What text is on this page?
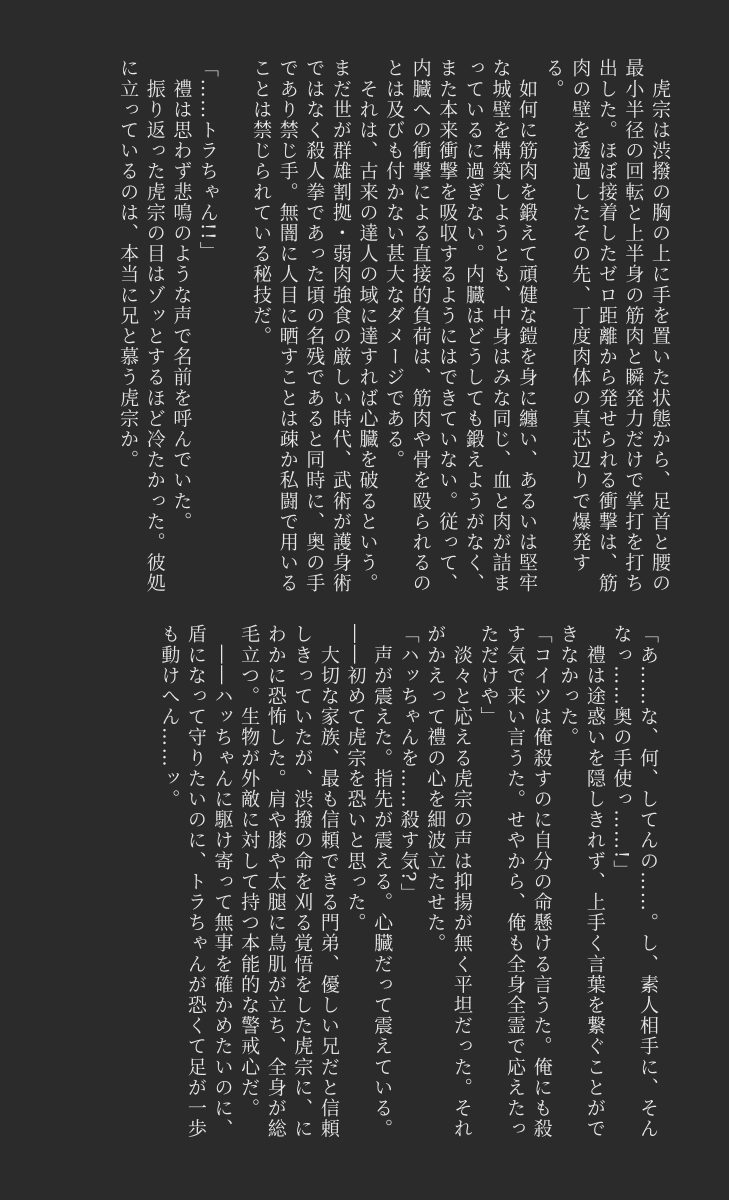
　虎宗は渋撥の胸の上に手を置いた状態から、足首と腰の最小半径の回転と上半身の筋肉と瞬発力だけで掌打を打ち出した。ほぼ接着したゼロ距離から発せられる衝撃は、筋肉の壁を透過したその先、丁度肉体の真芯辺りで爆発する。
　如何に筋肉を鍛えて頑健な鎧を身に纏い、あるいは堅牢な城壁を構築しようとも、中身はみな同じ、血と肉が詰まっているに過ぎない。内臓はどうしても鍛えようがなく、また本来衝撃を吸収するようにはできていない。従って、内臓への衝撃による直接的負荷は、筋肉や骨を殴られるのとは及びも付かない甚大なダメージである。
　それは、古来の達人の域に達すれば心臓を破るという。まだ世が群雄割拠・弱肉強食の厳しい時代、武術が護身術ではなく殺人拳であった頃の名残であると同時に、奥の手であり禁じ手。無闇に人目に晒すことは疎か私闘で用いることは禁じられている秘技だ。

「……トラちゃん!!」
　禮は思わず悲鳴のような声で名前を呼んでいた。
　振り返った虎宗の目はゾッとするほど冷たかった。彼処に立っているのは、本当に兄と慕う虎宗か。
「あ……な、何、してんの……。し、素人相手に、そんなっ……奥の手使っ……!」
　禮は途惑いを隠しきれず、上手く言葉を繋ぐことができなかった。
「コイツは俺殺すのに自分の命懸ける言うた。俺にも殺す気で来い言うた。せやから、俺も全身全霊で応えたっただけや」
　淡々と応える虎宗の声は抑揚が無く平坦だった。それがかえって禮の心を細波立たせた。
「ハッちゃんを……殺す気?」
　声が震えた。指先が震える。心臓だって震えている。――初めて虎宗を恐いと思った。
　大切な家族、最も信頼できる門弟、優しい兄だと信頼しきっていたが、渋撥の命を刈る覚悟をした虎宗に、にわかに恐怖した。肩や膝や太腿に鳥肌が立ち、全身が総毛立つ。生物が外敵に対して持つ本能的な警戒心だ。
　――ハッちゃんに駆け寄って無事を確かめたいのに、盾になって守りたいのに、トラちゃんが恐くて足が一歩も動けへん……ッ。
